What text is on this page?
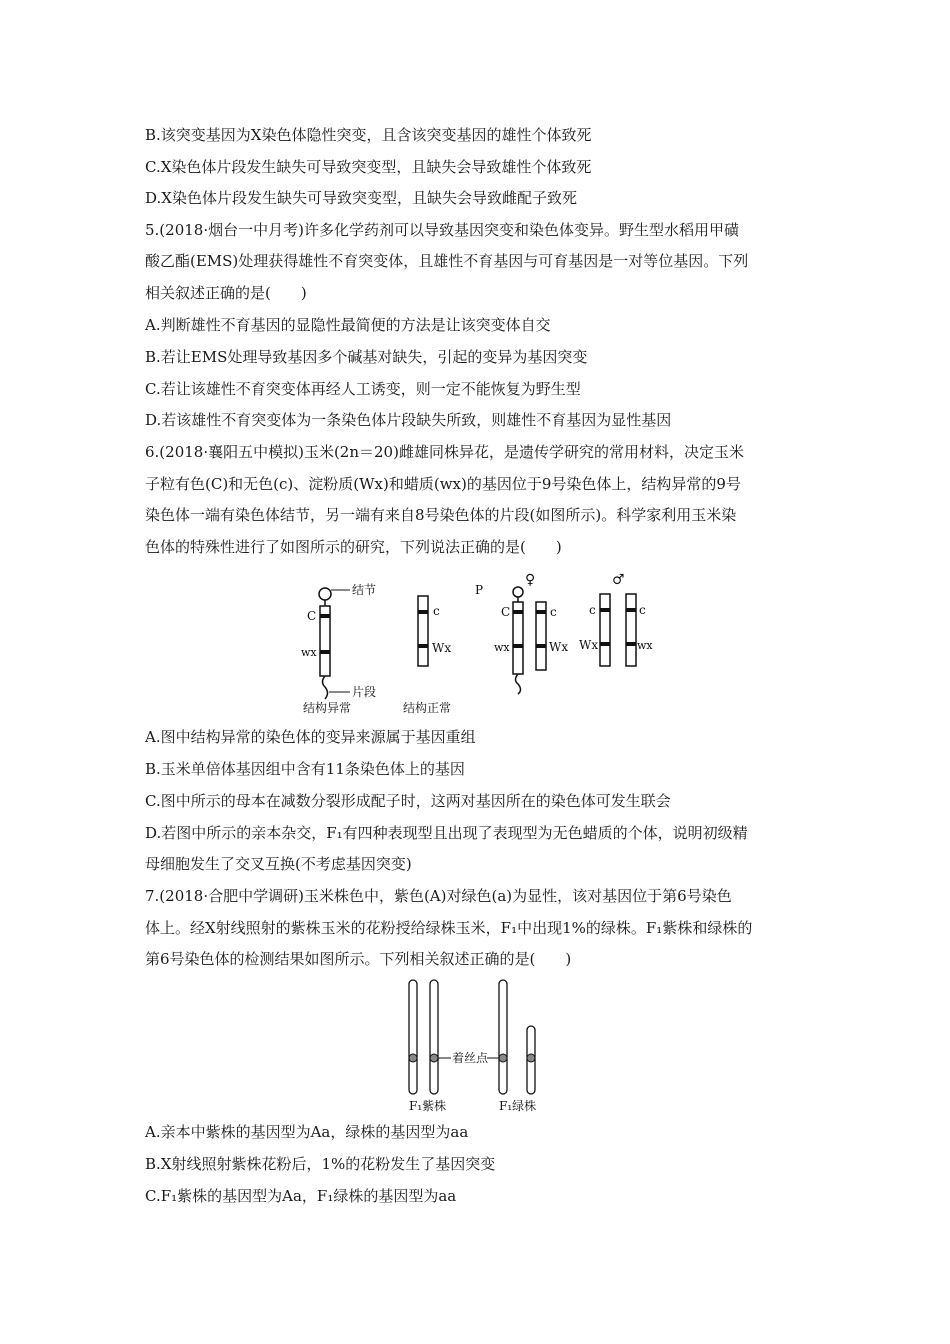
B.该突变基因为X染色体隐性突变，且含该突变基因的雄性个体致死
C.X染色体片段发生缺失可导致突变型，且缺失会导致雄性个体致死
D.X染色体片段发生缺失可导致突变型，且缺失会导致雌配子致死
5.(2018·烟台一中月考)许多化学药剂可以导致基因突变和染色体变异。野生型水稻用甲磺
酸乙酯(EMS)处理获得雄性不育突变体，且雄性不育基因与可育基因是一对等位基因。下列
相关叙述正确的是(　　)
A.判断雄性不育基因的显隐性最简便的方法是让该突变体自交
B.若让EMS处理导致基因多个碱基对缺失，引起的变异为基因突变
C.若让该雄性不育突变体再经人工诱变，则一定不能恢复为野生型
D.若该雄性不育突变体为一条染色体片段缺失所致，则雄性不育基因为显性基因
6.(2018·襄阳五中模拟)玉米(2n＝20)雌雄同株异花，是遗传学研究的常用材料，决定玉米
子粒有色(C)和无色(c)、淀粉质(Wx)和蜡质(wx)的基因位于9号染色体上，结构异常的9号
染色体一端有染色体结节，另一端有来自8号染色体的片段(如图所示)。科学家利用玉米染
色体的特殊性进行了如图所示的研究，下列说法正确的是(　　)
结节
片段
C
wx
结构异常
c
Wx
结构正常
P
♀
C
wx
c
Wx
♂
c
Wx
c
wx
A.图中结构异常的染色体的变异来源属于基因重组
B.玉米单倍体基因组中含有11条染色体上的基因
C.图中所示的母本在减数分裂形成配子时，这两对基因所在的染色体可发生联会
D.若图中所示的亲本杂交，F₁有四种表现型且出现了表现型为无色蜡质的个体，说明初级精
母细胞发生了交叉互换(不考虑基因突变)
7.(2018·合肥中学调研)玉米株色中，紫色(A)对绿色(a)为显性，该对基因位于第6号染色
体上。经X射线照射的紫株玉米的花粉授给绿株玉米，F₁中出现1%的绿株。F₁紫株和绿株的
第6号染色体的检测结果如图所示。下列相关叙述正确的是(　　)
着丝点
F₁紫株	F₁绿株
A.亲本中紫株的基因型为Aa，绿株的基因型为aa
B.X射线照射紫株花粉后，1%的花粉发生了基因突变
C.F₁紫株的基因型为Aa，F₁绿株的基因型为aa
